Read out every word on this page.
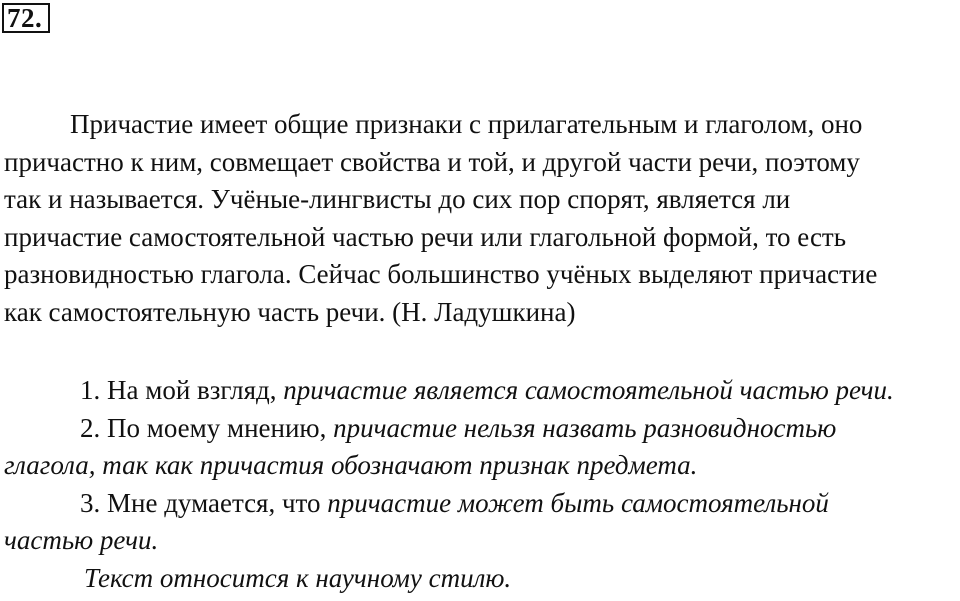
72.
Причастие имеет общие признаки с прилагательным и глаголом, оно
причастно к ним, совмещает свойства и той, и другой части речи, поэтому
так и называется. Учёные-лингвисты до сих пор спорят, является ли
причастие самостоятельной частью речи или глагольной формой, то есть
разновидностью глагола. Сейчас большинство учёных выделяют причастие
как самостоятельную часть речи. (Н. Ладушкина)
1. На мой взгляд, причастие является самостоятельной частью речи.
2. По моему мнению, причастие нельзя назвать разновидностью
глагола, так как причастия обозначают признак предмета.
3. Мне думается, что причастие может быть самостоятельной
частью речи.
Текст относится к научному стилю.
